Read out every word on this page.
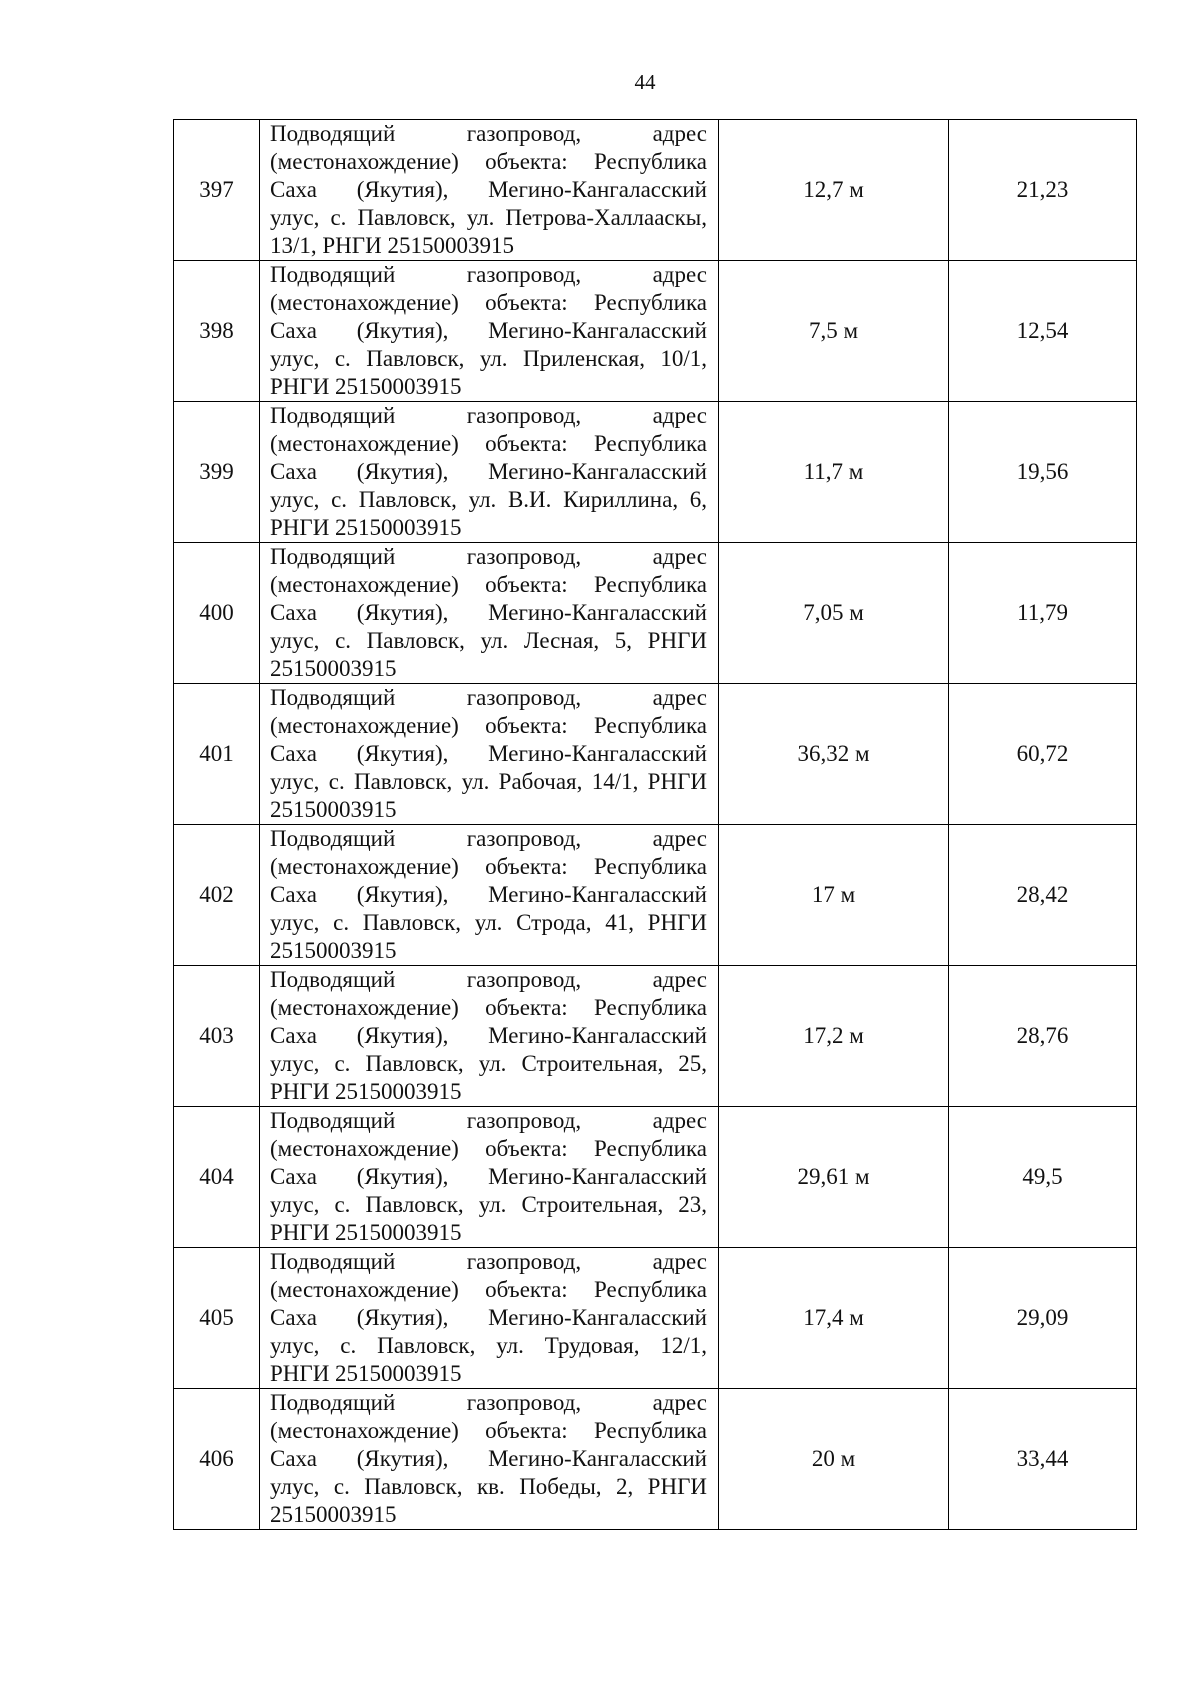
44
397	Подводящий газопровод, адрес
(местонахождение) объекта: Республика
Саха (Якутия), Мегино-Кангаласский
улус, с. Павловск, ул. Петрова-Халлааскы,
13/1, РНГИ 25150003915	12,7 м	21,23
398	Подводящий газопровод, адрес
(местонахождение) объекта: Республика
Саха (Якутия), Мегино-Кангаласский
улус, с. Павловск, ул. Приленская, 10/1,
РНГИ 25150003915	7,5 м	12,54
399	Подводящий газопровод, адрес
(местонахождение) объекта: Республика
Саха (Якутия), Мегино-Кангаласский
улус, с. Павловск, ул. В.И. Кириллина, 6,
РНГИ 25150003915	11,7 м	19,56
400	Подводящий газопровод, адрес
(местонахождение) объекта: Республика
Саха (Якутия), Мегино-Кангаласский
улус, с. Павловск, ул. Лесная, 5, РНГИ
25150003915	7,05 м	11,79
401	Подводящий газопровод, адрес
(местонахождение) объекта: Республика
Саха (Якутия), Мегино-Кангаласский
улус, с. Павловск, ул. Рабочая, 14/1, РНГИ
25150003915	36,32 м	60,72
402	Подводящий газопровод, адрес
(местонахождение) объекта: Республика
Саха (Якутия), Мегино-Кангаласский
улус, с. Павловск, ул. Строда, 41, РНГИ
25150003915	17 м	28,42
403	Подводящий газопровод, адрес
(местонахождение) объекта: Республика
Саха (Якутия), Мегино-Кангаласский
улус, с. Павловск, ул. Строительная, 25,
РНГИ 25150003915	17,2 м	28,76
404	Подводящий газопровод, адрес
(местонахождение) объекта: Республика
Саха (Якутия), Мегино-Кангаласский
улус, с. Павловск, ул. Строительная, 23,
РНГИ 25150003915	29,61 м	49,5
405	Подводящий газопровод, адрес
(местонахождение) объекта: Республика
Саха (Якутия), Мегино-Кангаласский
улус, с. Павловск, ул. Трудовая, 12/1,
РНГИ 25150003915	17,4 м	29,09
406	Подводящий газопровод, адрес
(местонахождение) объекта: Республика
Саха (Якутия), Мегино-Кангаласский
улус, с. Павловск, кв. Победы, 2, РНГИ
25150003915	20 м	33,44
